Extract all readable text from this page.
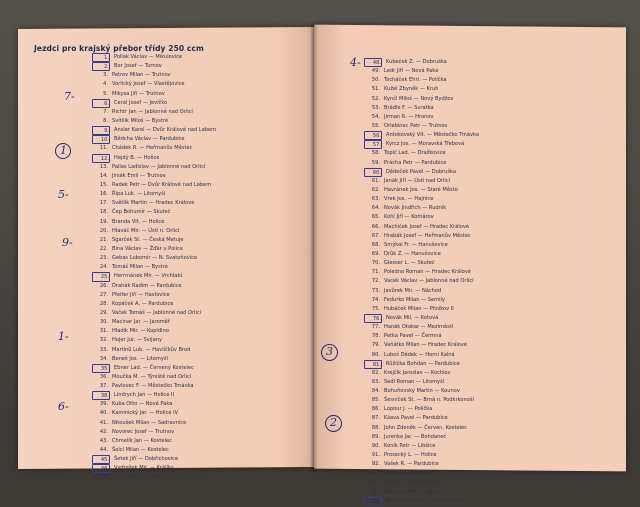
Jezdci pro krajský přebor třídy 250 ccm
1. Pollak Václav — Mikulovice
2. Bor Josef — Turnov
3. Petrov Milan — Trutnov
4. Vorlický Josef — Vlastějovice
5. Mikysa Jiří — Trutnov
6. Ceral Josef — Jevíčko
7. Richtr Jan — Jablonné nad Orlicí
8. Svítilik Miloš — Bystré
9. Ansler Karel — Dvůr Králové nad Labem
10. Bědcha Václav — Pardubice
11. Chádek R. — Heřmanův Městec
12. Hejdý B. — Holice
13. Pallas Ladislav — Jablonné nad Orlicí
14. Jirsák Emil — Trutnov
15. Radek Petr — Dvůr Králové nad Labem
16. Řípa Luk. — Litomyšl
17. Světlík Martin — Hradec Králové
18. Čep Bohumír — Skuteč
19. Branda Vit. — Holice
20. Hlaváč Mir. — Ústí n. Orlicí
21. Sgarček St. — Česká Metuje
22. Bína Václav — Žďár u Police
23. Gebas Lubomír — N. Svatoňovice
24. Tomáš Milan — Bystré
25. Herrmánek Mir. — Vrchlabí
26. Drahák Radim — Pardubice
27. Pfeifer Jiří — Havlovice
28. Kopáček A. — Pardubice
29. Vaček Tomáš — Jablonné nad Orlicí
30. Macinar Jar. — Jaroměř
31. Hladík Mir. — Kopidlno
32. Hojer Jur. — Svijany
33. Martinů Lub. — Havlíčkův Brod
34. Beneš Jos. — Litomyšl
35. Ebner Lad. — Červený Kostelec
36. Moučka M. — Týniště nad Orlicí
37. Pavlovec F. — Městečko Trnávka
38. Lindrych Jan — Holice II
39. Kuba Otto — Nová Paka
40. Kaminický Jar. — Holice IV
41. Nitoušek Milan — Sadravnice
42. Novorec Josef — Trutnov
43. Chmelík Jan — Kostelec
44. Šolcl Milan — Kostelec
45. Šetek Jiří — Dobřichovice
46. Vydražek Mir. — Králíky
47. Jonák Milan — Polička
48. Kubeček Z. — Dobruška
49. Ledr Jiří — Nová Paka
50. Tocháček Ehrl. — Polička
51. Kužel Zbyněk — Kruh
52. Kynčl Miloš — Nový Bydžov
53. Brádle F. — Svratka
54. Jirman R. — Hronov
55. Orlebinec Petr — Trutnov
56. Antokovský Vít. — Městečko Trnávka
57. Kyrcz Jos. — Moravská Třebová
58. Topič Lad. — Dražkovice
59. Prácha Petr — Pardubice
60. Dědeček Pavel — Dobruška
61. Janák Jiří — Ústí nad Orlicí
62. Havránek Jos. — Staré Město
63. Vrek Jos. — Hajnice
64. Novák Jindřich — Rudník
65. Kohl Jiří — Komárov
66. Machiček Josef — Hradec Králové
67. Hrabák Josef — Heřmanův Městec
68. Smýkal Fr. — Hanušovice
69. Drůk Z. — Hanušovice
70. Glesser L. — Skuteč
71. Poledno Roman — Hradec Králové
72. Vacek Václav — Jablonné nad Orlicí
73. Javůrek Mir. — Náchod
74. Fedurko Milan — Semily
75. Hubáček Milan — Pilníkov II
76. Novák Mil. — Kotová
77. Hanák Otakar — Meziměstí
78. Petka Pavel — Čermná
79. Vaňátko Milan — Hradec Králové
80. Luboš Dědek — Horní Kalná
81. Růžička Bohdan — Pardubice
82. Krejčík Jaroslav — Kochlov
83. Sedl Roman — Litomyšl
84. Bohuňovský Martin — Kounov
85. Šesníček St. — Brná n. Podkrkonoší
86. Lopour J. — Polička
87. Kšava Pavel — Pardubice
88. John Zdeněk — Červen. Kostelec
89. Jurenka Jar. — Bohdaneč
90. Koník Petr — Libšice
91. Prosecký L. — Holice
92. Vašek R. — Pardubice
93. Jaura P. — Vamberk
94. Beneš I. — Mistrovice
95. Bohuněk Petr — Skuteč
96. Škrabal Arnošt — Staré Město
7-
1
5-
9-
1-
6-
4-
3
2
